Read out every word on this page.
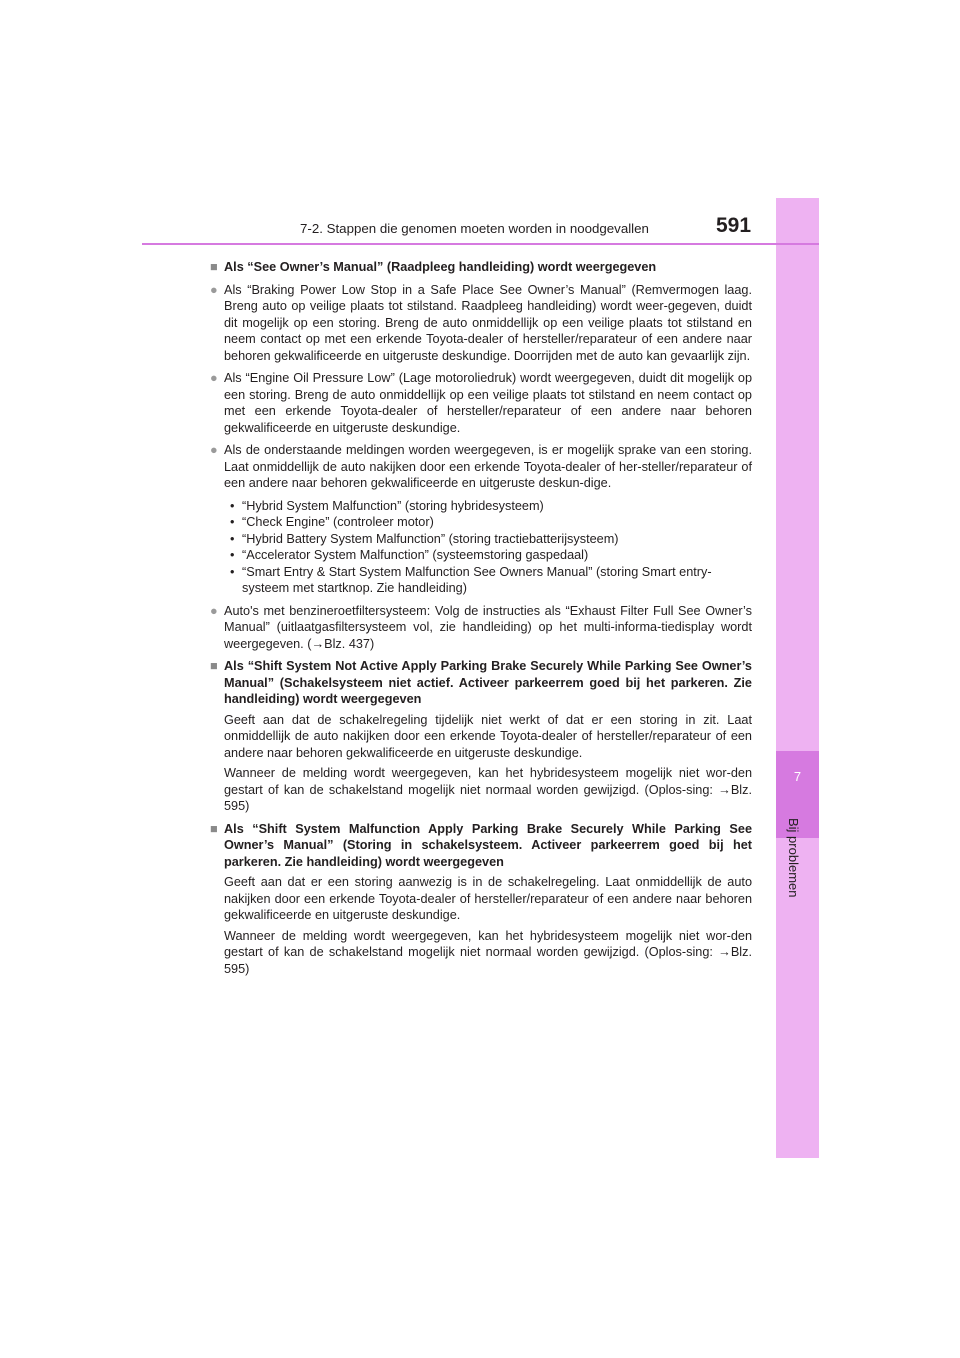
7
Bij problemen
7-2. Stappen die genomen moeten worden in noodgevallen	591
■ Als “See Owner’s Manual” (Raadpleeg handleiding) wordt weergegeven
● Als “Braking Power Low Stop in a Safe Place See Owner’s Manual” (Remvermogen laag. Breng auto op veilige plaats tot stilstand. Raadpleeg handleiding) wordt weer-gegeven, duidt dit mogelijk op een storing. Breng de auto onmiddellijk op een veilige plaats tot stilstand en neem contact op met een erkende Toyota-dealer of hersteller/reparateur of een andere naar behoren gekwalificeerde en uitgeruste deskundige. Doorrijden met de auto kan gevaarlijk zijn.
● Als “Engine Oil Pressure Low” (Lage motoroliedruk) wordt weergegeven, duidt dit mogelijk op een storing. Breng de auto onmiddellijk op een veilige plaats tot stilstand en neem contact op met een erkende Toyota-dealer of hersteller/reparateur of een andere naar behoren gekwalificeerde en uitgeruste deskundige.
● Als de onderstaande meldingen worden weergegeven, is er mogelijk sprake van een storing. Laat onmiddellijk de auto nakijken door een erkende Toyota-dealer of her-steller/reparateur of een andere naar behoren gekwalificeerde en uitgeruste deskun-dige.
• “Hybrid System Malfunction” (storing hybridesysteem)
• “Check Engine” (controleer motor)
• “Hybrid Battery System Malfunction” (storing tractiebatterijsysteem)
• “Accelerator System Malfunction” (systeemstoring gaspedaal)
• “Smart Entry & Start System Malfunction See Owners Manual” (storing Smart entry-systeem met startknop. Zie handleiding)
● Auto's met benzineroetfiltersysteem: Volg de instructies als “Exhaust Filter Full See Owner’s Manual” (uitlaatgasfiltersysteem vol, zie handleiding) op het multi-informa-tiedisplay wordt weergegeven. (→Blz. 437)
■ Als “Shift System Not Active Apply Parking Brake Securely While Parking See Owner’s Manual” (Schakelsysteem niet actief. Activeer parkeerrem goed bij het parkeren. Zie handleiding) wordt weergegeven
Geeft aan dat de schakelregeling tijdelijk niet werkt of dat er een storing in zit. Laat onmiddellijk de auto nakijken door een erkende Toyota-dealer of hersteller/reparateur of een andere naar behoren gekwalificeerde en uitgeruste deskundige.
Wanneer de melding wordt weergegeven, kan het hybridesysteem mogelijk niet wor-den gestart of kan de schakelstand mogelijk niet normaal worden gewijzigd. (Oplos-sing: →Blz. 595)
■ Als “Shift System Malfunction Apply Parking Brake Securely While Parking See Owner’s Manual” (Storing in schakelsysteem. Activeer parkeerrem goed bij het parkeren. Zie handleiding) wordt weergegeven
Geeft aan dat er een storing aanwezig is in de schakelregeling. Laat onmiddellijk de auto nakijken door een erkende Toyota-dealer of hersteller/reparateur of een andere naar behoren gekwalificeerde en uitgeruste deskundige.
Wanneer de melding wordt weergegeven, kan het hybridesysteem mogelijk niet wor-den gestart of kan de schakelstand mogelijk niet normaal worden gewijzigd. (Oplos-sing: →Blz. 595)
